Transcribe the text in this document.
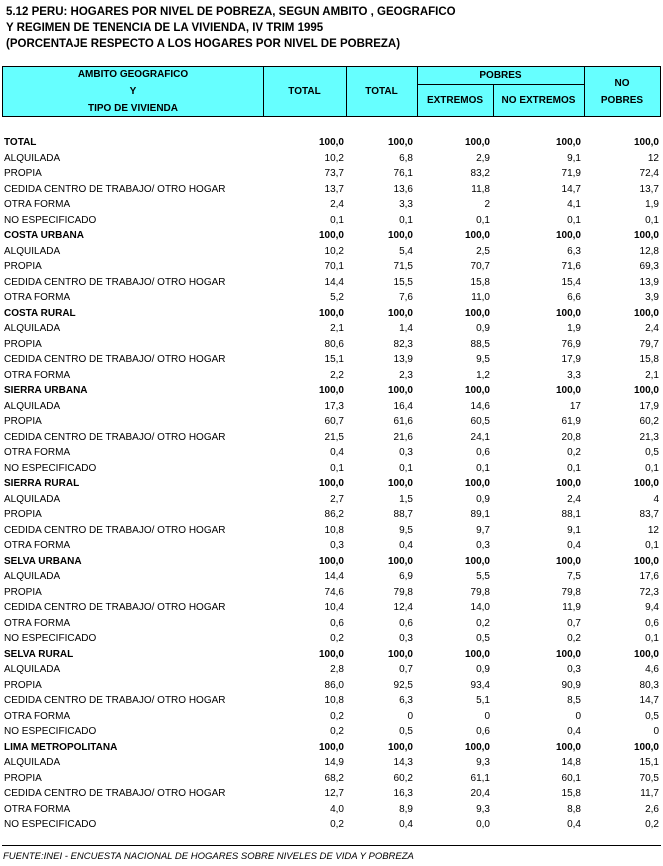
5.12 PERU: HOGARES POR NIVEL DE POBREZA, SEGUN AMBITO , GEOGRAFICO
Y REGIMEN DE TENENCIA DE LA VIVIENDA, IV TRIM 1995
(PORCENTAJE RESPECTO A LOS HOGARES POR NIVEL DE POBREZA)
AMBITO GEOGRAFICO
Y
TIPO DE VIVIENDA
TOTAL	TOTAL
POBRES
EXTREMOS	NO EXTREMOS
NO
POBRES
TOTAL	100,0	100,0	100,0	100,0	100,0
ALQUILADA	10,2	6,8	2,9	9,1	12
PROPIA	73,7	76,1	83,2	71,9	72,4
CEDIDA CENTRO DE TRABAJO/ OTRO HOGAR	13,7	13,6	11,8	14,7	13,7
OTRA FORMA	2,4	3,3	2	4,1	1,9
NO ESPECIFICADO	0,1	0,1	0,1	0,1	0,1
COSTA URBANA	100,0	100,0	100,0	100,0	100,0
ALQUILADA	10,2	5,4	2,5	6,3	12,8
PROPIA	70,1	71,5	70,7	71,6	69,3
CEDIDA CENTRO DE TRABAJO/ OTRO HOGAR	14,4	15,5	15,8	15,4	13,9
OTRA FORMA	5,2	7,6	11,0	6,6	3,9
COSTA RURAL	100,0	100,0	100,0	100,0	100,0
ALQUILADA	2,1	1,4	0,9	1,9	2,4
PROPIA	80,6	82,3	88,5	76,9	79,7
CEDIDA CENTRO DE TRABAJO/ OTRO HOGAR	15,1	13,9	9,5	17,9	15,8
OTRA FORMA	2,2	2,3	1,2	3,3	2,1
SIERRA URBANA	100,0	100,0	100,0	100,0	100,0
ALQUILADA	17,3	16,4	14,6	17	17,9
PROPIA	60,7	61,6	60,5	61,9	60,2
CEDIDA CENTRO DE TRABAJO/ OTRO HOGAR	21,5	21,6	24,1	20,8	21,3
OTRA FORMA	0,4	0,3	0,6	0,2	0,5
NO ESPECIFICADO	0,1	0,1	0,1	0,1	0,1
SIERRA RURAL	100,0	100,0	100,0	100,0	100,0
ALQUILADA	2,7	1,5	0,9	2,4	4
PROPIA	86,2	88,7	89,1	88,1	83,7
CEDIDA CENTRO DE TRABAJO/ OTRO HOGAR	10,8	9,5	9,7	9,1	12
OTRA FORMA	0,3	0,4	0,3	0,4	0,1
SELVA URBANA	100,0	100,0	100,0	100,0	100,0
ALQUILADA	14,4	6,9	5,5	7,5	17,6
PROPIA	74,6	79,8	79,8	79,8	72,3
CEDIDA CENTRO DE TRABAJO/ OTRO HOGAR	10,4	12,4	14,0	11,9	9,4
OTRA FORMA	0,6	0,6	0,2	0,7	0,6
NO ESPECIFICADO	0,2	0,3	0,5	0,2	0,1
SELVA RURAL	100,0	100,0	100,0	100,0	100,0
ALQUILADA	2,8	0,7	0,9	0,3	4,6
PROPIA	86,0	92,5	93,4	90,9	80,3
CEDIDA CENTRO DE TRABAJO/ OTRO HOGAR	10,8	6,3	5,1	8,5	14,7
OTRA FORMA	0,2	0	0	0	0,5
NO ESPECIFICADO	0,2	0,5	0,6	0,4	0
LIMA METROPOLITANA	100,0	100,0	100,0	100,0	100,0
ALQUILADA	14,9	14,3	9,3	14,8	15,1
PROPIA	68,2	60,2	61,1	60,1	70,5
CEDIDA CENTRO DE TRABAJO/ OTRO HOGAR	12,7	16,3	20,4	15,8	11,7
OTRA FORMA	4,0	8,9	9,3	8,8	2,6
NO ESPECIFICADO	0,2	0,4	0,0	0,4	0,2
FUENTE:INEI - ENCUESTA NACIONAL DE HOGARES SOBRE NIVELES DE VIDA Y POBREZA
